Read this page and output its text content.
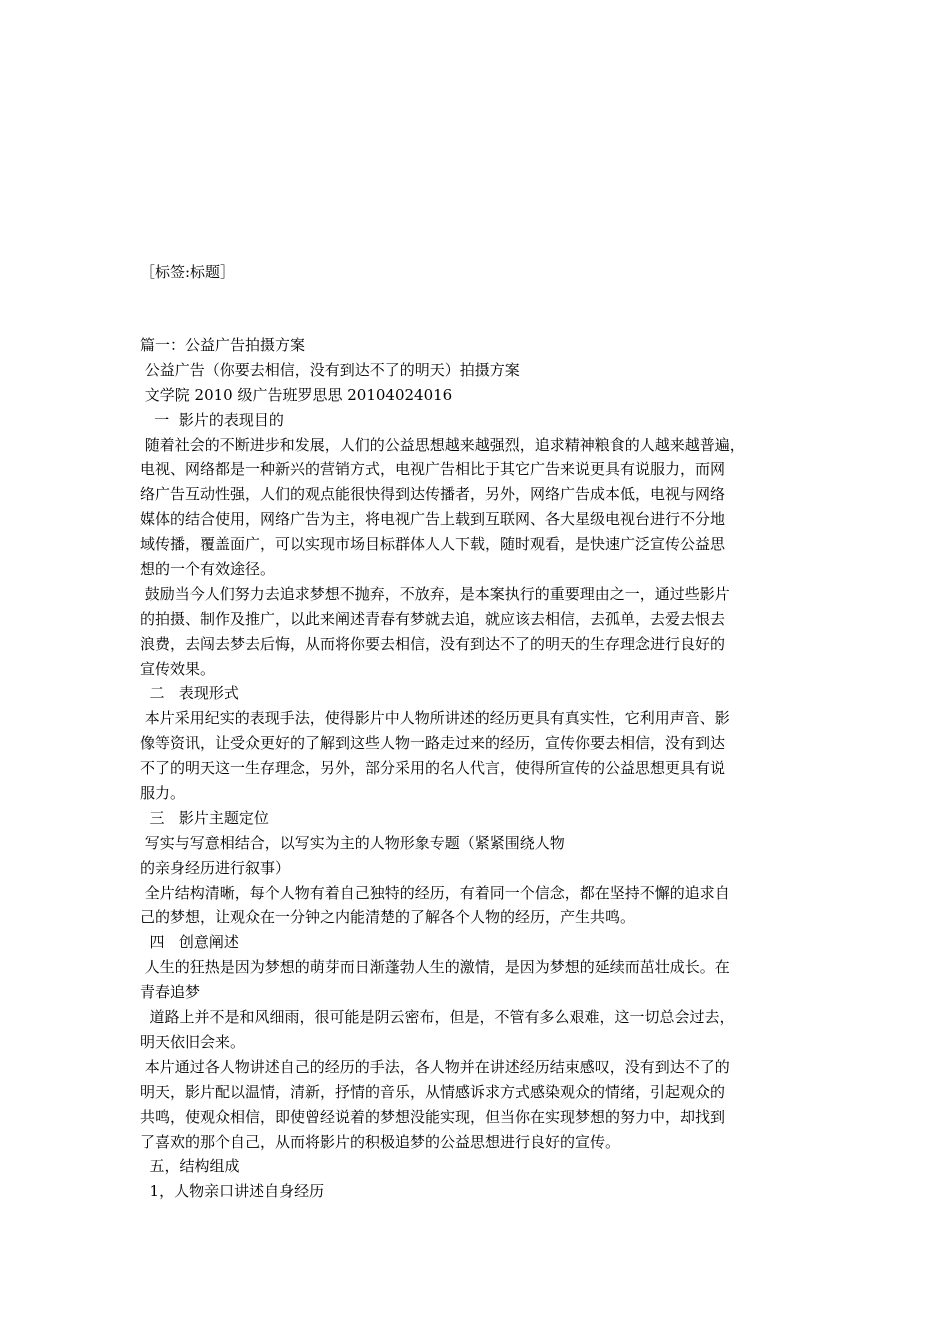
［标签:标题］
篇一：公益广告拍摄方案
公益广告（你要去相信，没有到达不了的明天）拍摄方案
文学院 2010 级广告班罗思思 20104024016
一  影片的表现目的
随着社会的不断进步和发展，人们的公益思想越来越强烈，追求精神粮食的人越来越普遍，
电视、网络都是一种新兴的营销方式，电视广告相比于其它广告来说更具有说服力，而网
络广告互动性强，人们的观点能很快得到达传播者，另外，网络广告成本低，电视与网络
媒体的结合使用，网络广告为主，将电视广告上载到互联网、各大星级电视台进行不分地
域传播，覆盖面广，可以实现市场目标群体人人下载，随时观看，是快速广泛宣传公益思
想的一个有效途径。
鼓励当今人们努力去追求梦想不抛弃，不放弃，是本案执行的重要理由之一，通过些影片
的拍摄、制作及推广，以此来阐述青春有梦就去追，就应该去相信，去孤单，去爱去恨去
浪费，去闯去梦去后悔，从而将你要去相信，没有到达不了的明天的生存理念进行良好的
宣传效果。
二   表现形式
本片采用纪实的表现手法，使得影片中人物所讲述的经历更具有真实性，它利用声音、影
像等资讯，让受众更好的了解到这些人物一路走过来的经历，宣传你要去相信，没有到达
不了的明天这一生存理念，另外，部分采用的名人代言，使得所宣传的公益思想更具有说
服力。
三   影片主题定位
写实与写意相结合，以写实为主的人物形象专题（紧紧围绕人物
的亲身经历进行叙事）
全片结构清晰，每个人物有着自己独特的经历，有着同一个信念，都在坚持不懈的追求自
己的梦想，让观众在一分钟之内能清楚的了解各个人物的经历，产生共鸣。
四   创意阐述
人生的狂热是因为梦想的萌芽而日渐蓬勃人生的激情，是因为梦想的延续而茁壮成长。在
青春追梦
道路上并不是和风细雨，很可能是阴云密布，但是，不管有多么艰难，这一切总会过去，
明天依旧会来。
本片通过各人物讲述自己的经历的手法，各人物并在讲述经历结束感叹，没有到达不了的
明天，影片配以温情，清新，抒情的音乐，从情感诉求方式感染观众的情绪，引起观众的
共鸣，使观众相信，即使曾经说着的梦想没能实现，但当你在实现梦想的努力中，却找到
了喜欢的那个自己，从而将影片的积极追梦的公益思想进行良好的宣传。
五，结构组成
1，人物亲口讲述自身经历
